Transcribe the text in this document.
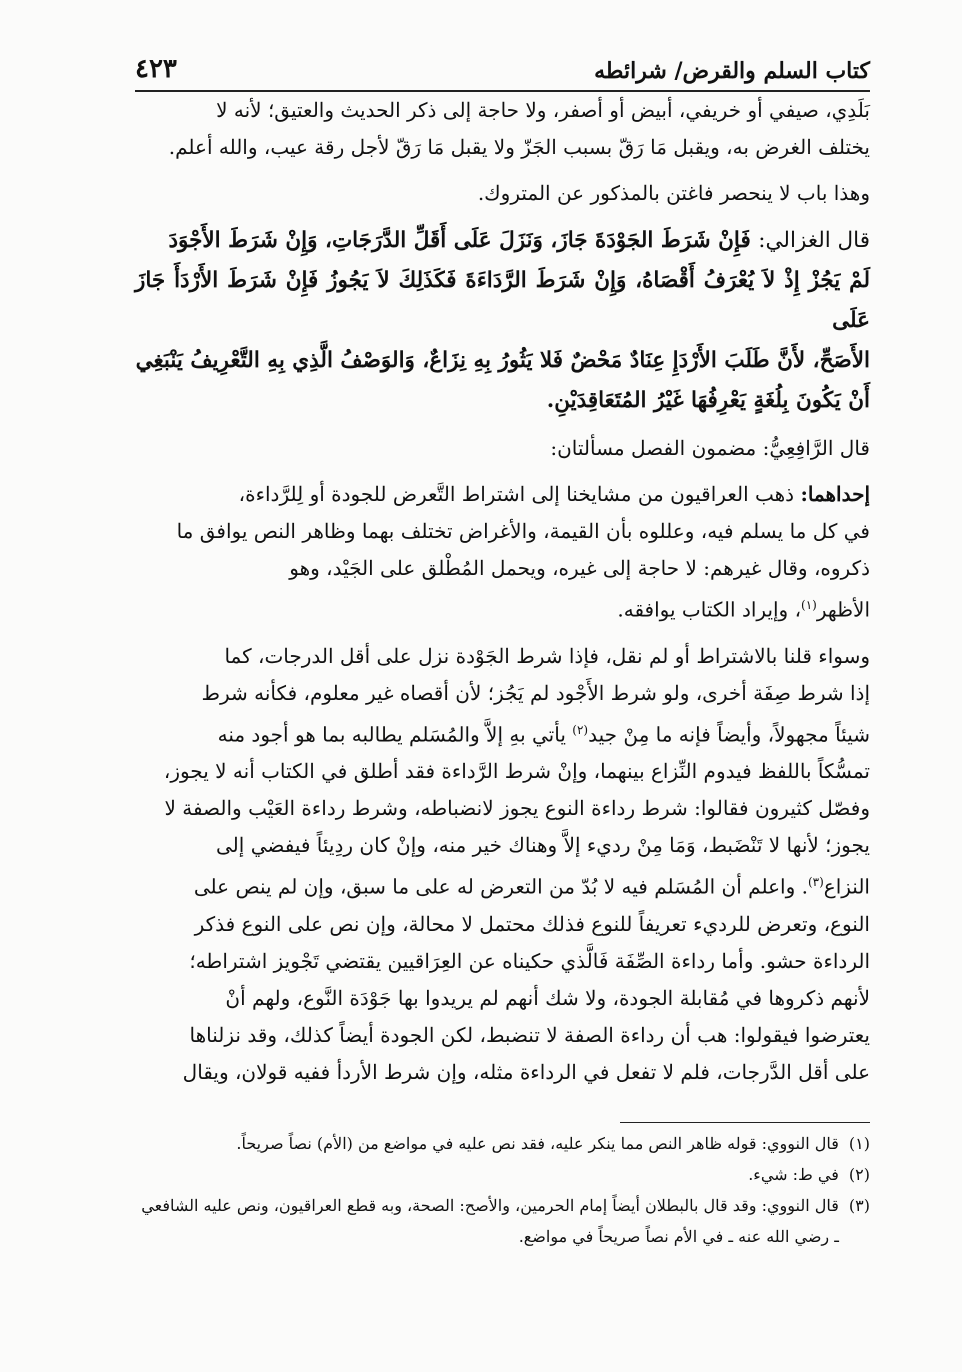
كتاب السلم والقرض/ شرائطه
٤٢٣

بَلَدِي، صيفي أو خريفي، أبيض أو أصفر، ولا حاجة إلى ذكر الحديث والعتيق؛ لأنه لا
يختلف الغرض به، ويقبل مَا رَقّ بسبب الجَزّ ولا يقبل مَا رَقّ لأجل رقة عيب، والله أعلم.

وهذا باب لا ينحصر فاغتن بالمذكور عن المتروك.

قال الغزالي: فَإِنْ شَرَطَ الجَوْدَةَ جَازَ، وَنَزَلَ عَلَى أَقَلِّ الدَّرَجَاتِ، وَإِنْ شَرَطَ الأَجْوَدَ
لَمْ يَجُزْ إِذْ لاَ يُعْرَفُ أَقْصَاهُ، وَإِنْ شَرَطَ الرَّدَاءَةَ فَكَذَلِكَ لاَ يَجُوزُ فَإِنْ شَرَطَ الأَرْدَأَ جَازَ عَلَى
الأَصَحِّ، لأَنَّ طَلَبَ الأَرْدَإِ عِنَادٌ مَحْضٌ فَلا يَثُورُ بِهِ نِزَاعٌ، وَالوَصْفُ الَّذِي بِهِ التَّعْرِيفُ يَنْبَغِي
أَنْ يَكُونَ بِلُغَةٍ يَعْرِفُهَا غَيْرُ المُتَعَاقِدَيْنِ.

قال الرَّافِعِيُّ: مضمون الفصل مسألتان:

إحداهما: ذهب العراقيون من مشايخنا إلى اشتراط التَّعرض للجودة أو لِلرَّداءة،
في كل ما يسلم فيه، وعللوه بأن القيمة، والأغراض تختلف بهما وظاهر النص يوافق ما
ذكروه، وقال غيرهم: لا حاجة إلى غيره، ويحمل المُطْلق على الجَيْد، وهو
الأظهر$^{(١)}$، وإيراد الكتاب يوافقه.

وسواء قلنا بالاشتراط أو لم نقل، فإذا شرط الجَوْدة نزل على أقل الدرجات، كما
إذا شرط صِفَة أخرى، ولو شرط الأَجْود لم يَجُز؛ لأن أقصاه غير معلوم، فكأنه شرط
شيئاً مجهولاً، وأيضاً فإنه ما مِنْ جيد$^{(٢)}$ يأتي بهِ إلاَّ والمُسَلم يطالبه بما هو أجود منه
تمسُّكاً باللفظ فيدوم النِّزاع بينهما، وإنْ شرط الرَّداءة فقد أطلق في الكتاب أنه لا يجوز،
وفصّل كثيرون فقالوا: شرط رداءة النوع يجوز لانضباطه، وشرط رداءة العَيْب والصفة لا
يجوز؛ لأنها لا تَنْضَبط، وَمَا مِنْ رديء إلاَّ وهناك خير منه، وإنْ كان ردِيئاً فيفضي إلى
النزاع$^{(٣)}$. واعلم أن المُسَلم فيه لا بُدّ من التعرض له على ما سبق، وإن لم ينص على
النوع، وتعرض للرديء تعريفاً للنوع فذلك محتمل لا محالة، وإن نص على النوع فذكر
الرداءة حشو. وأما رداءة الصِّفَة فَالَّذي حكيناه عن العِرَاقيين يقتضي تَجْويز اشتراطه؛
لأنهم ذكروها في مُقابلة الجودة، ولا شك أنهم لم يريدوا بها جَوْدَة النَّوع، ولهم أنْ
يعترضوا فيقولوا: هب أن رداءة الصفة لا تنضبط، لكن الجودة أيضاً كذلك، وقد نزلناها
على أقل الدَّرجات، فلم لا تفعل في الرداءة مثله، وإن شرط الأردأ ففيه قولان، ويقال

(١)
قال النووي: قوله ظاهر النص مما ينكر عليه، فقد نص عليه في مواضع من (الأم) نصاً صريحاً.
(٢)
في ط: شيء.
(٣)
قال النووي: وقد قال بالبطلان أيضاً إمام الحرمين، والأصح: الصحة، وبه قطع العراقيون، ونص عليه الشافعي ـ رضي الله عنه ـ في الأم نصاً صريحاً في مواضع.
